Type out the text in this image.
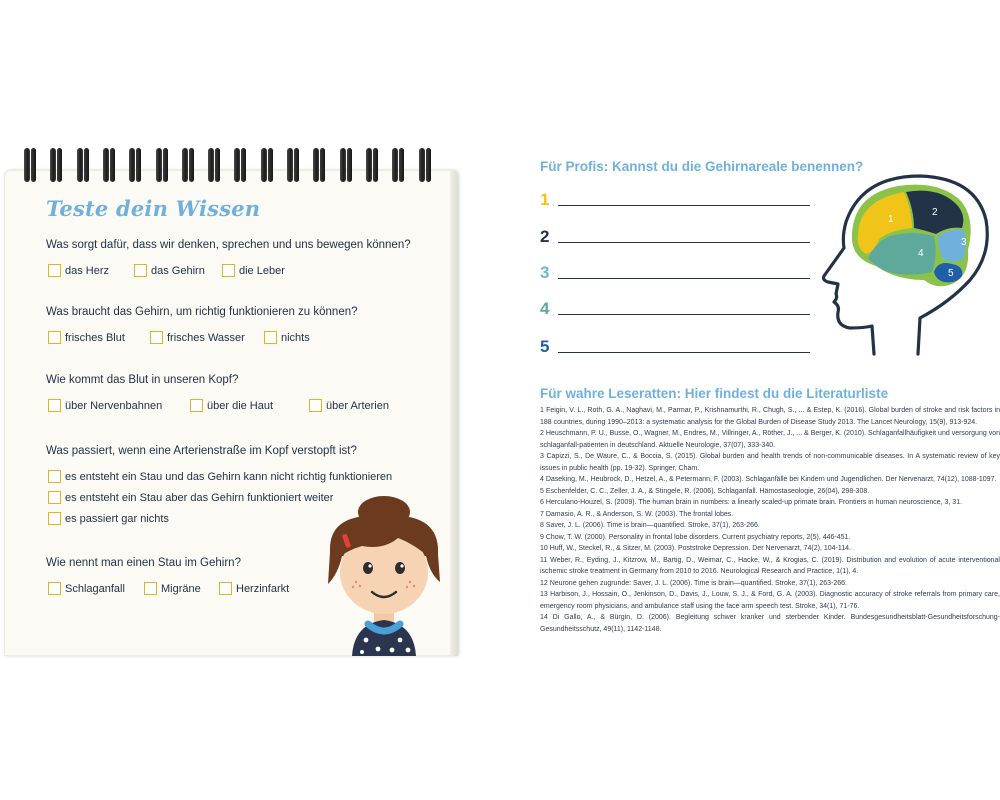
Teste dein Wissen
Was sorgt dafür, dass wir denken, sprechen und uns bewegen können?
das Herz	das Gehirn	die Leber
Was braucht das Gehirn, um richtig funktionieren zu können?
frisches Blut	frisches Wasser	nichts
Wie kommt das Blut in unseren Kopf?
über Nervenbahnen	über die Haut	über Arterien
Was passiert, wenn eine Arterienstraße im Kopf verstopft ist?
es entsteht ein Stau und das Gehirn kann nicht richtig funktionieren
es entsteht ein Stau aber das Gehirn funktioniert weiter
es passiert gar nichts
Wie nennt man einen Stau im Gehirn?
Schlaganfall	Migräne	Herzinfarkt
Für Profis: Kannst du die Gehirnareale benennen?
1
2
3
4
5
1
2
3
4
5
Für wahre Leseratten: Hier findest du die Literaturliste
1 Feigin, V. L., Roth, G. A., Naghavi, M., Parmar, P., Krishnamurthi, R., Chugh, S., ... & Estep, K. (2016). Global burden of stroke and risk factors in 188 countries, during 1990–2013: a systematic analysis for the Global Burden of Disease Study 2013. The Lancet Neurology, 15(9), 913-924.
2 Heuschmann, P. U., Busse, O., Wagner, M., Endres, M., Villringer, A., Röther, J., ... & Berger, K. (2010). Schlaganfallhäufigkeit und versorgung von schlaganfall-patienten in deutschland. Aktuelle Neurologie, 37(07), 333-340.
3 Capizzi, S., De Waure, C., & Boccia, S. (2015). Global burden and health trends of non-communicable diseases. In A systematic review of key issues in public health (pp. 19-32). Springer, Cham.
4 Daseking, M., Heubrock, D., Hetzel, A., & Petermann, F. (2003). Schlaganfälle bei Kindern und Jugendlichen. Der Nervenarzt, 74(12), 1088-1097.
5 Eschenfelder, C. C., Zeller, J. A., & Stingele, R. (2006). Schlaganfall. Hämostaseologie, 26(04), 298-308.
6 Herculano-Houzel, S. (2009). The human brain in numbers: a linearly scaled-up primate brain. Frontiers in human neuroscience, 3, 31.
7 Damasio, A. R., & Anderson, S. W. (2003). The frontal lobes.
8 Saver, J. L. (2006). Time is brain—quantified. Stroke, 37(1), 263-266.
9 Chow, T. W. (2000). Personality in frontal lobe disorders. Current psychiatry reports, 2(5), 446-451.
10 Huff, W., Steckel, R., & Sitzer, M. (2003). Poststroke Depression. Der Nervenarzt, 74(2), 104-114.
11 Weber, R., Eyding, J., Kitzrow, M., Bartig, D., Weimar, C., Hacke, W., & Krogias, C. (2019). Distribution and evolution of acute interventional ischemic stroke treatment in Germany from 2010 to 2016. Neurological Research and Practice, 1(1), 4.
12 Neurone gehen zugrunde: Saver, J. L. (2006). Time is brain—quantified. Stroke, 37(1), 263-266.
13 Harbison, J., Hossain, O., Jenkinson, D., Davis, J., Louw, S. J., & Ford, G. A. (2003). Diagnostic accuracy of stroke referrals from primary care, emergency room physicians, and ambulance staff using the face arm speech test. Stroke, 34(1), 71-76.
14 Di Gallo, A., & Bürgin, D. (2006). Begleitung schwer kranker und sterbender Kinder. Bundesgesundheitsblatt-Gesundheitsforschung-Gesundheitsschutz, 49(11), 1142-1148.
